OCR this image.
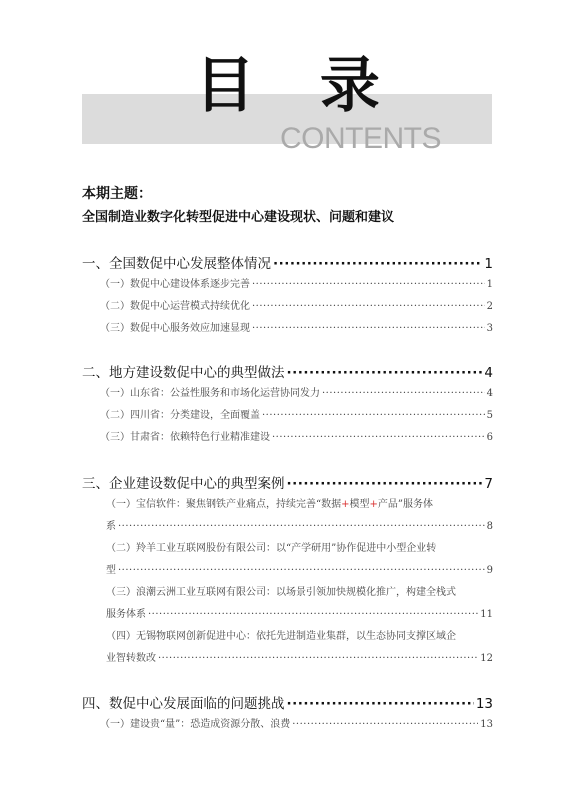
目 录
CONTENTS
本期主题：
全国制造业数字化转型促进中心建设现状、问题和建议
一、全国数促中心发展整体情况 ·····	1
（一）数促中心建设体系逐步完善 ·····	1
（二）数促中心运营模式持续优化 ·····	2
（三）数促中心服务效应加速显现 ·····	3
二、地方建设数促中心的典型做法 ·····	4
（一）山东省：公益性服务和市场化运营协同发力 ·····	4
（二）四川省：分类建设，全面覆盖 ·····	5
（三）甘肃省：依赖特色行业精准建设 ·····	6
三、企业建设数促中心的典型案例 ·····	7
（一）宝信软件：聚焦钢铁产业痛点，持续完善“数据+模型+产品”服务体
系 ·····	8
（二）羚羊工业互联网股份有限公司：以“产学研用”协作促进中小型企业转
型 ·····	9
（三）浪潮云洲工业互联网有限公司：以场景引领加快规模化推广，构建全栈式
服务体系 ·····	11
（四）无锡物联网创新促进中心：依托先进制造业集群，以生态协同支撑区域企
业智转数改 ·····	12
四、数促中心发展面临的问题挑战 ·····	13
（一）建设贵“量”：恐造成资源分散、浪费 ·····	13
